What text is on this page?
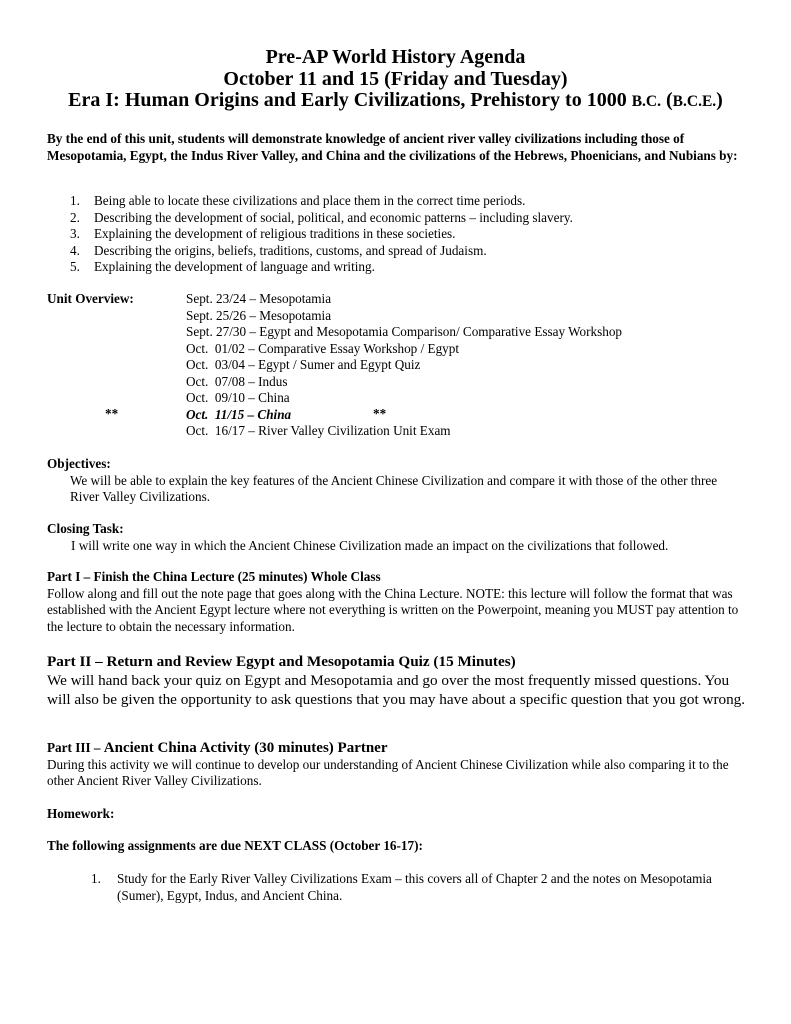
Pre-AP World History Agenda
October 11 and 15 (Friday and Tuesday)
Era I: Human Origins and Early Civilizations, Prehistory to 1000 B.C. (B.C.E.)
By the end of this unit, students will demonstrate knowledge of ancient river valley civilizations including those of Mesopotamia, Egypt, the Indus River Valley, and China and the civilizations of the Hebrews, Phoenicians, and Nubians by:
1.	Being able to locate these civilizations and place them in the correct time periods.
2.	Describing the development of social, political, and economic patterns – including slavery.
3.	Explaining the development of religious traditions in these societies.
4.	Describing the origins, beliefs, traditions, customs, and spread of Judaism.
5.	Explaining the development of language and writing.
Unit Overview:	Sept. 23/24 – Mesopotamia
Sept. 25/26 – Mesopotamia
Sept. 27/30 – Egypt and Mesopotamia Comparison/ Comparative Essay Workshop
Oct.  01/02 – Comparative Essay Workshop / Egypt
Oct.  03/04 – Egypt / Sumer and Egypt Quiz
Oct.  07/08 – Indus
Oct.  09/10 – China
Oct.  11/15 – China
Oct.  16/17 – River Valley Civilization Unit Exam
**	**
Objectives:
We will be able to explain the key features of the Ancient Chinese Civilization and compare it with those of the other three River Valley Civilizations.
Closing Task:
I will write one way in which the Ancient Chinese Civilization made an impact on the civilizations that followed.
Part I – Finish the China Lecture (25 minutes) Whole Class
Follow along and fill out the note page that goes along with the China Lecture. NOTE: this lecture will follow the format that was established with the Ancient Egypt lecture where not everything is written on the Powerpoint, meaning you MUST pay attention to the lecture to obtain the necessary information.
Part II – Return and Review Egypt and Mesopotamia Quiz (15 Minutes)
We will hand back your quiz on Egypt and Mesopotamia and go over the most frequently missed questions. You will also be given the opportunity to ask questions that you may have about a specific question that you got wrong.
Part III – Ancient China Activity (30 minutes) Partner
During this activity we will continue to develop our understanding of Ancient Chinese Civilization while also comparing it to the other Ancient River Valley Civilizations.
Homework:
The following assignments are due NEXT CLASS (October 16-17):
1.	Study for the Early River Valley Civilizations Exam – this covers all of Chapter 2 and the notes on Mesopotamia (Sumer), Egypt, Indus, and Ancient China.
